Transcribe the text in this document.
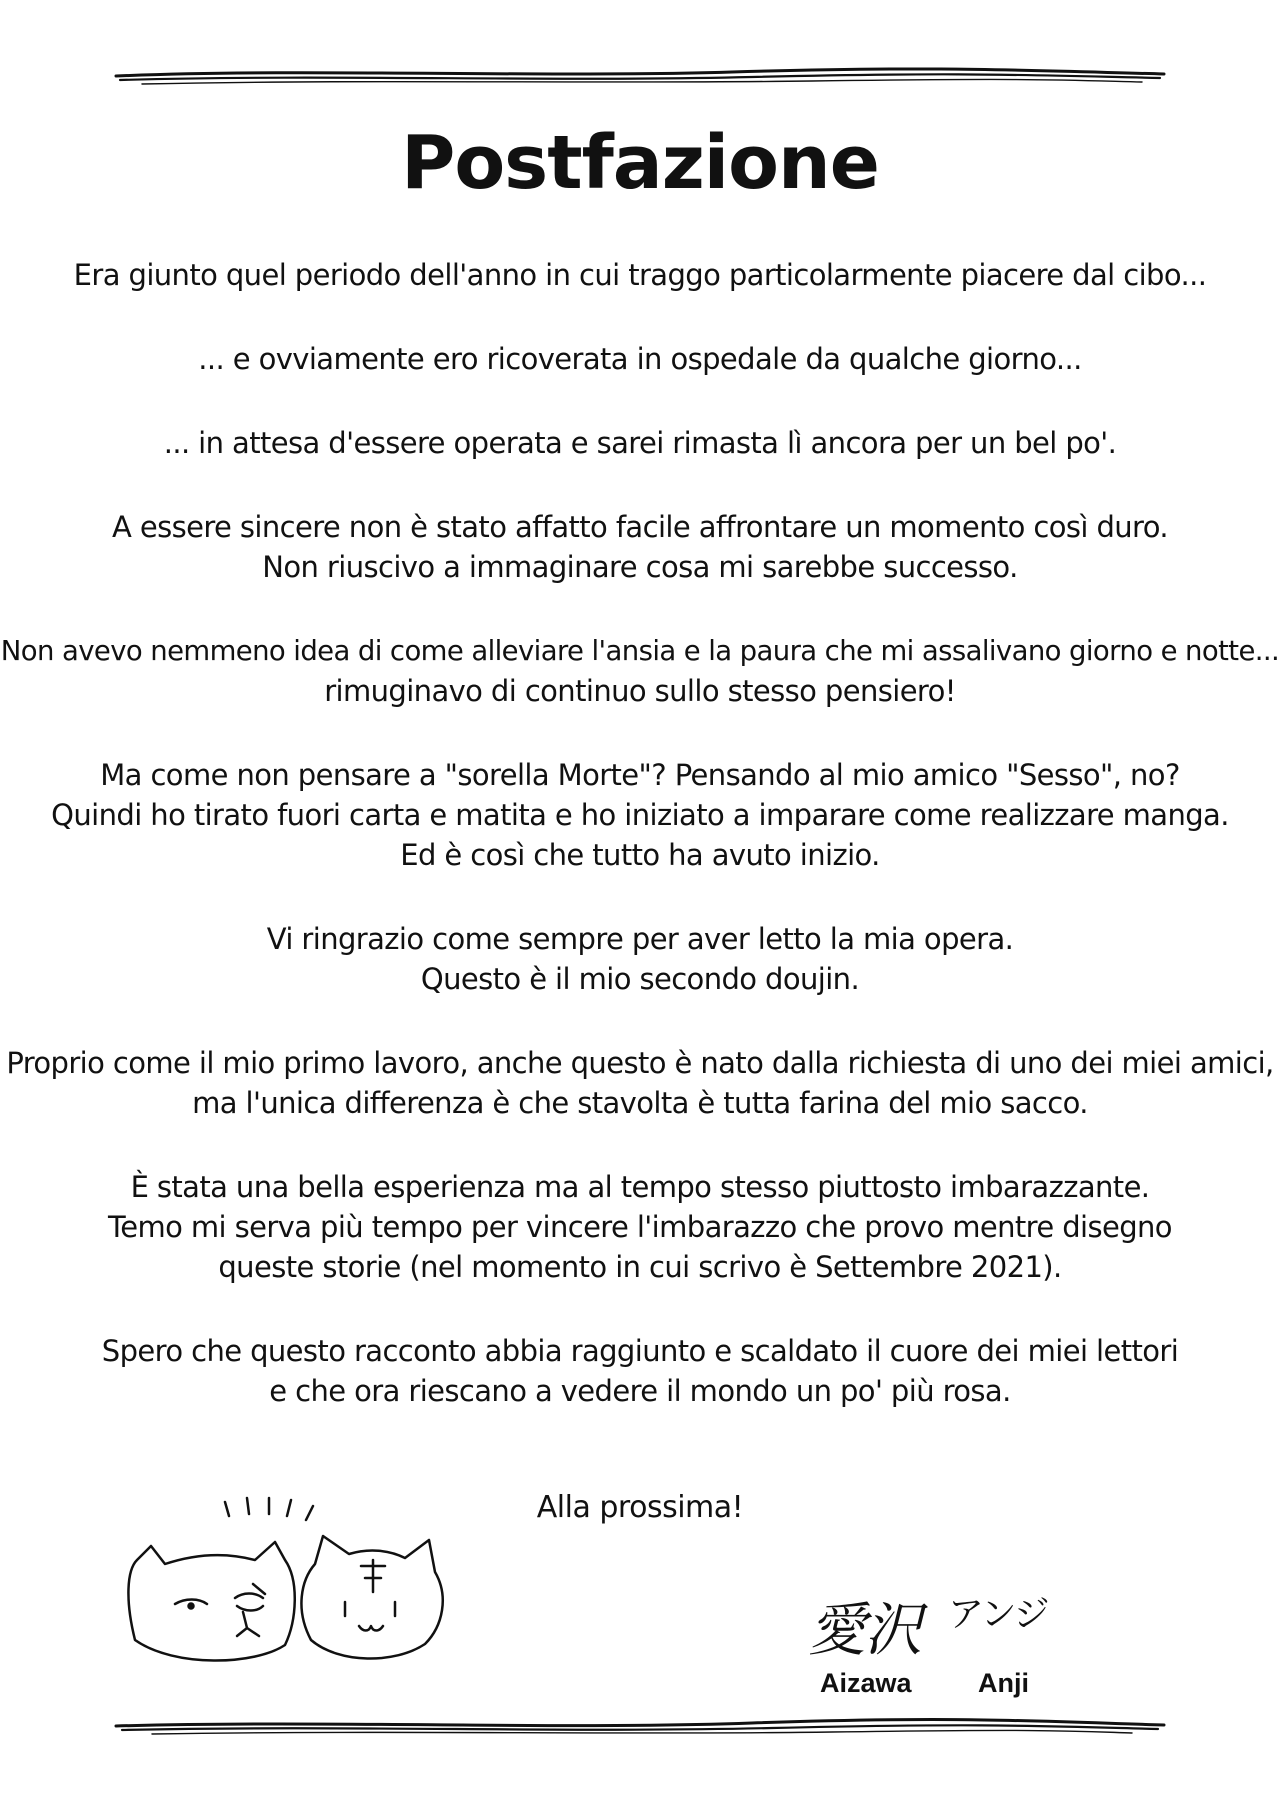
Postfazione
Era giunto quel periodo dell'anno in cui traggo particolarmente piacere dal cibo...
... e ovviamente ero ricoverata in ospedale da qualche giorno...
... in attesa d'essere operata e sarei rimasta lì ancora per un bel po'.
A essere sincere non è stato affatto facile affrontare un momento così duro.
Non riuscivo a immaginare cosa mi sarebbe successo.
Non avevo nemmeno idea di come alleviare l'ansia e la paura che mi assalivano giorno e notte...
rimuginavo di continuo sullo stesso pensiero!
Ma come non pensare a "sorella Morte"? Pensando al mio amico "Sesso", no?
Quindi ho tirato fuori carta e matita e ho iniziato a imparare come realizzare manga.
Ed è così che tutto ha avuto inizio.
Vi ringrazio come sempre per aver letto la mia opera.
Questo è il mio secondo doujin.
Proprio come il mio primo lavoro, anche questo è nato dalla richiesta di uno dei miei amici,
ma l'unica differenza è che stavolta è tutta farina del mio sacco.
È stata una bella esperienza ma al tempo stesso piuttosto imbarazzante.
Temo mi serva più tempo per vincere l'imbarazzo che provo mentre disegno
queste storie (nel momento in cui scrivo è Settembre 2021).
Spero che questo racconto abbia raggiunto e scaldato il cuore dei miei lettori
e che ora riescano a vedere il mondo un po' più rosa.
Alla prossima!
愛沢 アンジ
Aizawa Anji
